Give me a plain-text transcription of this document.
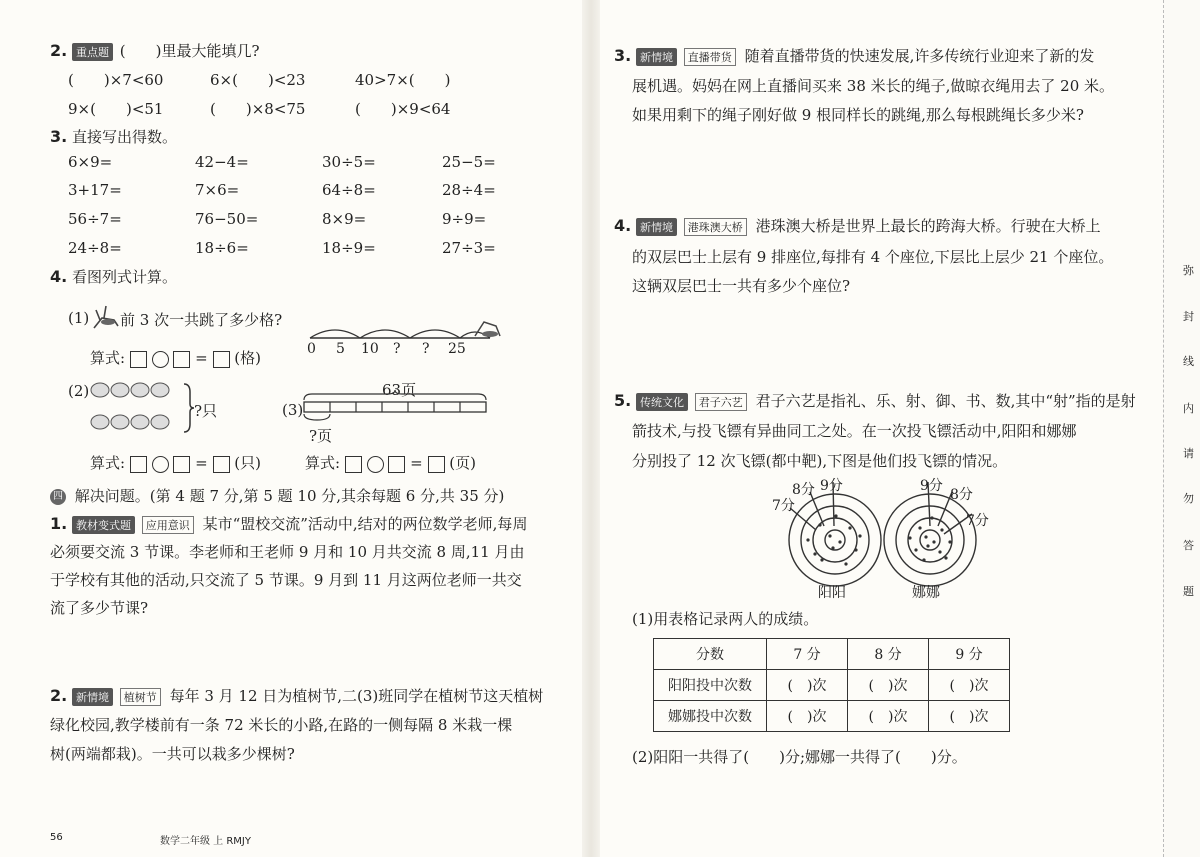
2. 重点题 (　　)里最大能填几?
(　　)×7<60	6×(　　)<23	40>7×(　　)
9×(　　)<51	(　　)×8<75	(　　)×9<64
3. 直接写出得数。
6×9=	42−4=	30÷5=	25−5=
3+17=	7×6=	64÷8=	28÷4=
56÷7=	76−50=	8×9=	9÷9=
24÷8=	18÷6=	18÷9=	27÷3=
4. 看图列式计算。
(1) 前 3 次一共跳了多少格?
算式:	=  (格)	0 5 10 ? ? 25
(2)
?只
算式:	=  (只)
63页
(3)
?页
算式:	=  (页)
四 解决问题。(第 4 题 7 分,第 5 题 10 分,其余每题 6 分,共 35 分)
1. 教材变式题 应用意识 某市“盟校交流”活动中,结对的两位数学老师,每周
必须要交流 3 节课。李老师和王老师 9 月和 10 月共交流 8 周,11 月由
于学校有其他的活动,只交流了 5 节课。9 月到 11 月这两位老师一共交
流了多少节课?
2. 新情境 植树节 每年 3 月 12 日为植树节,二(3)班同学在植树节这天植树
绿化校园,教学楼前有一条 72 米长的小路,在路的一侧每隔 8 米栽一棵
树(两端都栽)。一共可以栽多少棵树?
56	数学二年级 上 RMJY
3. 新情境 直播带货 随着直播带货的快速发展,许多传统行业迎来了新的发
展机遇。妈妈在网上直播间买来 38 米长的绳子,做晾衣绳用去了 20 米。
如果用剩下的绳子刚好做 9 根同样长的跳绳,那么每根跳绳长多少米?
4. 新情境 港珠澳大桥 港珠澳大桥是世界上最长的跨海大桥。行驶在大桥上
的双层巴士上层有 9 排座位,每排有 4 个座位,下层比上层少 21 个座位。
这辆双层巴士一共有多少个座位?
5. 传统文化 君子六艺 君子六艺是指礼、乐、射、御、书、数,其中“射”指的是射
箭技术,与投飞镖有异曲同工之处。在一次投飞镖活动中,阳阳和娜娜
分别投了 12 次飞镖(都中靶),下图是他们投飞镖的情况。
7分
8分 9分	9分
8分
7分
阳阳	娜娜
(1)用表格记录两人的成绩。
分数	7 分	8 分	9 分
阳阳投中次数	(　)次	(　)次	(　)次
娜娜投中次数	(　)次	(　)次	(　)次
(2)阳阳一共得了(　　)分;娜娜一共得了(　　)分。
弥
封
线
内
请
勿
答
题
